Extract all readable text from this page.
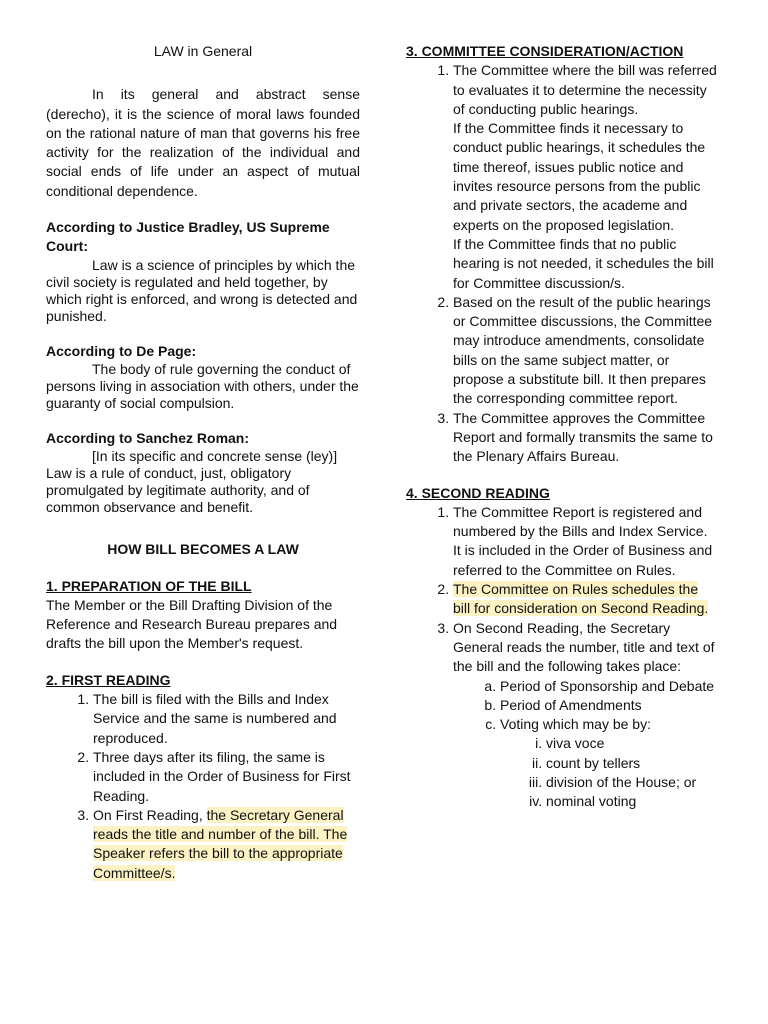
LAW in General

In its general and abstract sense (derecho), it is the science of moral laws founded on the rational nature of man that governs his free activity for the realization of the individual and social ends of life under an aspect of mutual conditional dependence.

According to Justice Bradley, US Supreme Court:

Law is a science of principles by which the civil society is regulated and held together, by which right is enforced, and wrong is detected and punished.

According to De Page:

The body of rule governing the conduct of persons living in association with others, under the guaranty of social compulsion.

According to Sanchez Roman:

[In its specific and concrete sense (ley)] Law is a rule of conduct, just, obligatory promulgated by legitimate authority, and of common observance and benefit.

HOW BILL BECOMES A LAW

1. PREPARATION OF THE BILL

The Member or the Bill Drafting Division of the Reference and Research Bureau prepares and drafts the bill upon the Member's request.

2. FIRST READING

1. The bill is filed with the Bills and Index Service and the same is numbered and reproduced.
2. Three days after its filing, the same is included in the Order of Business for First Reading.
3. On First Reading, the Secretary General reads the title and number of the bill. The Speaker refers the bill to the appropriate Committee/s.

3. COMMITTEE CONSIDERATION/ACTION

1. The Committee where the bill was referred to evaluates it to determine the necessity of conducting public hearings.
If the Committee finds it necessary to conduct public hearings, it schedules the time thereof, issues public notice and invites resource persons from the public and private sectors, the academe and experts on the proposed legislation.
If the Committee finds that no public hearing is not needed, it schedules the bill for Committee discussion/s.
2. Based on the result of the public hearings or Committee discussions, the Committee may introduce amendments, consolidate bills on the same subject matter, or propose a substitute bill. It then prepares the corresponding committee report.
3. The Committee approves the Committee Report and formally transmits the same to the Plenary Affairs Bureau.

4. SECOND READING

1. The Committee Report is registered and numbered by the Bills and Index Service. It is included in the Order of Business and referred to the Committee on Rules.
2. The Committee on Rules schedules the bill for consideration on Second Reading.
3. On Second Reading, the Secretary General reads the number, title and text of the bill and the following takes place:
a. Period of Sponsorship and Debate
b. Period of Amendments
c. Voting which may be by:
i. viva voce
ii. count by tellers
iii. division of the House; or
iv. nominal voting
